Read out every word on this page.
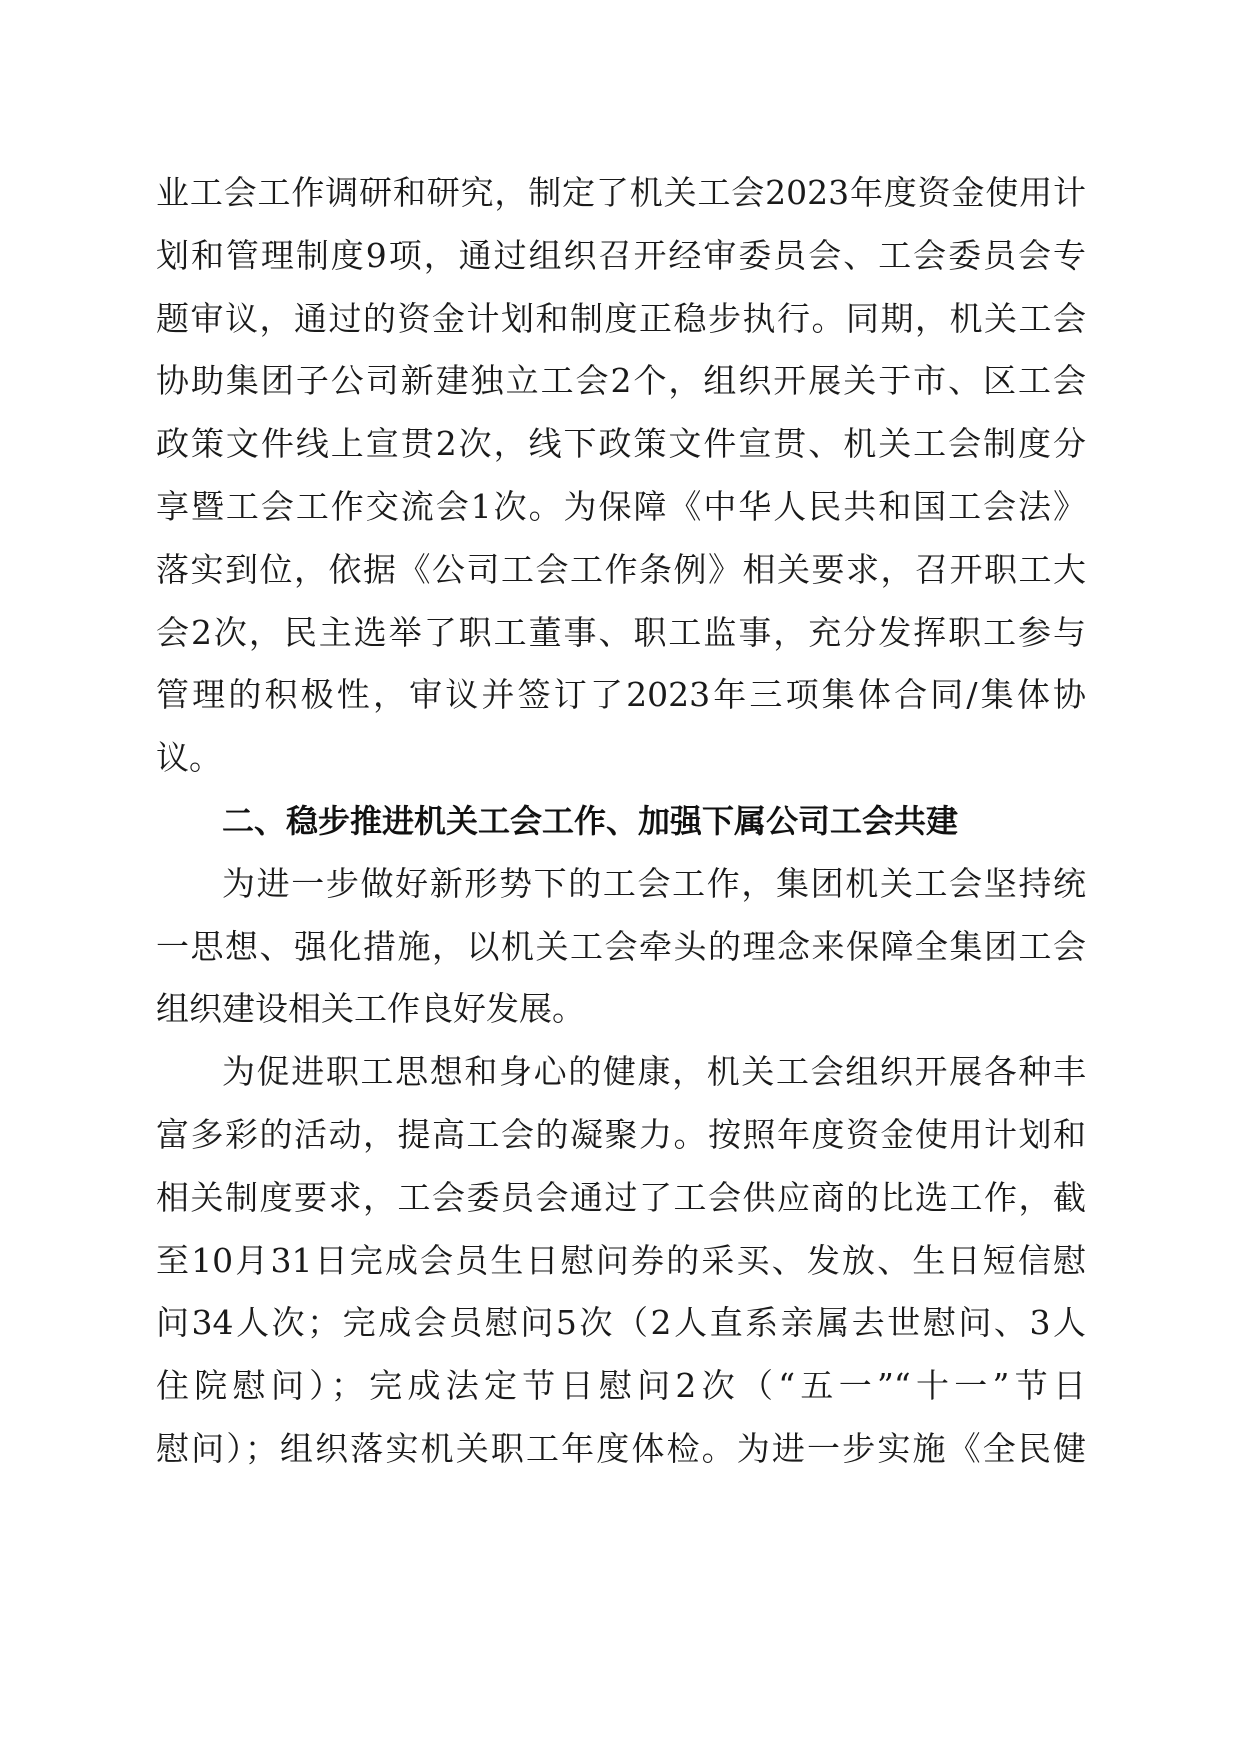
业工会工作调研和研究，制定了机关工会2023年度资金使用计
划和管理制度9项，通过组织召开经审委员会、工会委员会专
题审议，通过的资金计划和制度正稳步执行。同期，机关工会
协助集团子公司新建独立工会2个，组织开展关于市、区工会
政策文件线上宣贯2次，线下政策文件宣贯、机关工会制度分
享暨工会工作交流会1次。为保障《中华人民共和国工会法》
落实到位，依据《公司工会工作条例》相关要求，召开职工大
会2次，民主选举了职工董事、职工监事，充分发挥职工参与
管理的积极性，审议并签订了2023年三项集体合同/集体协
议。
二、稳步推进机关工会工作、加强下属公司工会共建
为进一步做好新形势下的工会工作，集团机关工会坚持统
一思想、强化措施，以机关工会牵头的理念来保障全集团工会
组织建设相关工作良好发展。
为促进职工思想和身心的健康，机关工会组织开展各种丰
富多彩的活动，提高工会的凝聚力。按照年度资金使用计划和
相关制度要求，工会委员会通过了工会供应商的比选工作，截
至10月31日完成会员生日慰问券的采买、发放、生日短信慰
问34人次；完成会员慰问5次（2人直系亲属去世慰问、3人
住院慰问）；完成法定节日慰问2次（“五一”“十一”节日
慰问）；组织落实机关职工年度体检。为进一步实施《全民健
